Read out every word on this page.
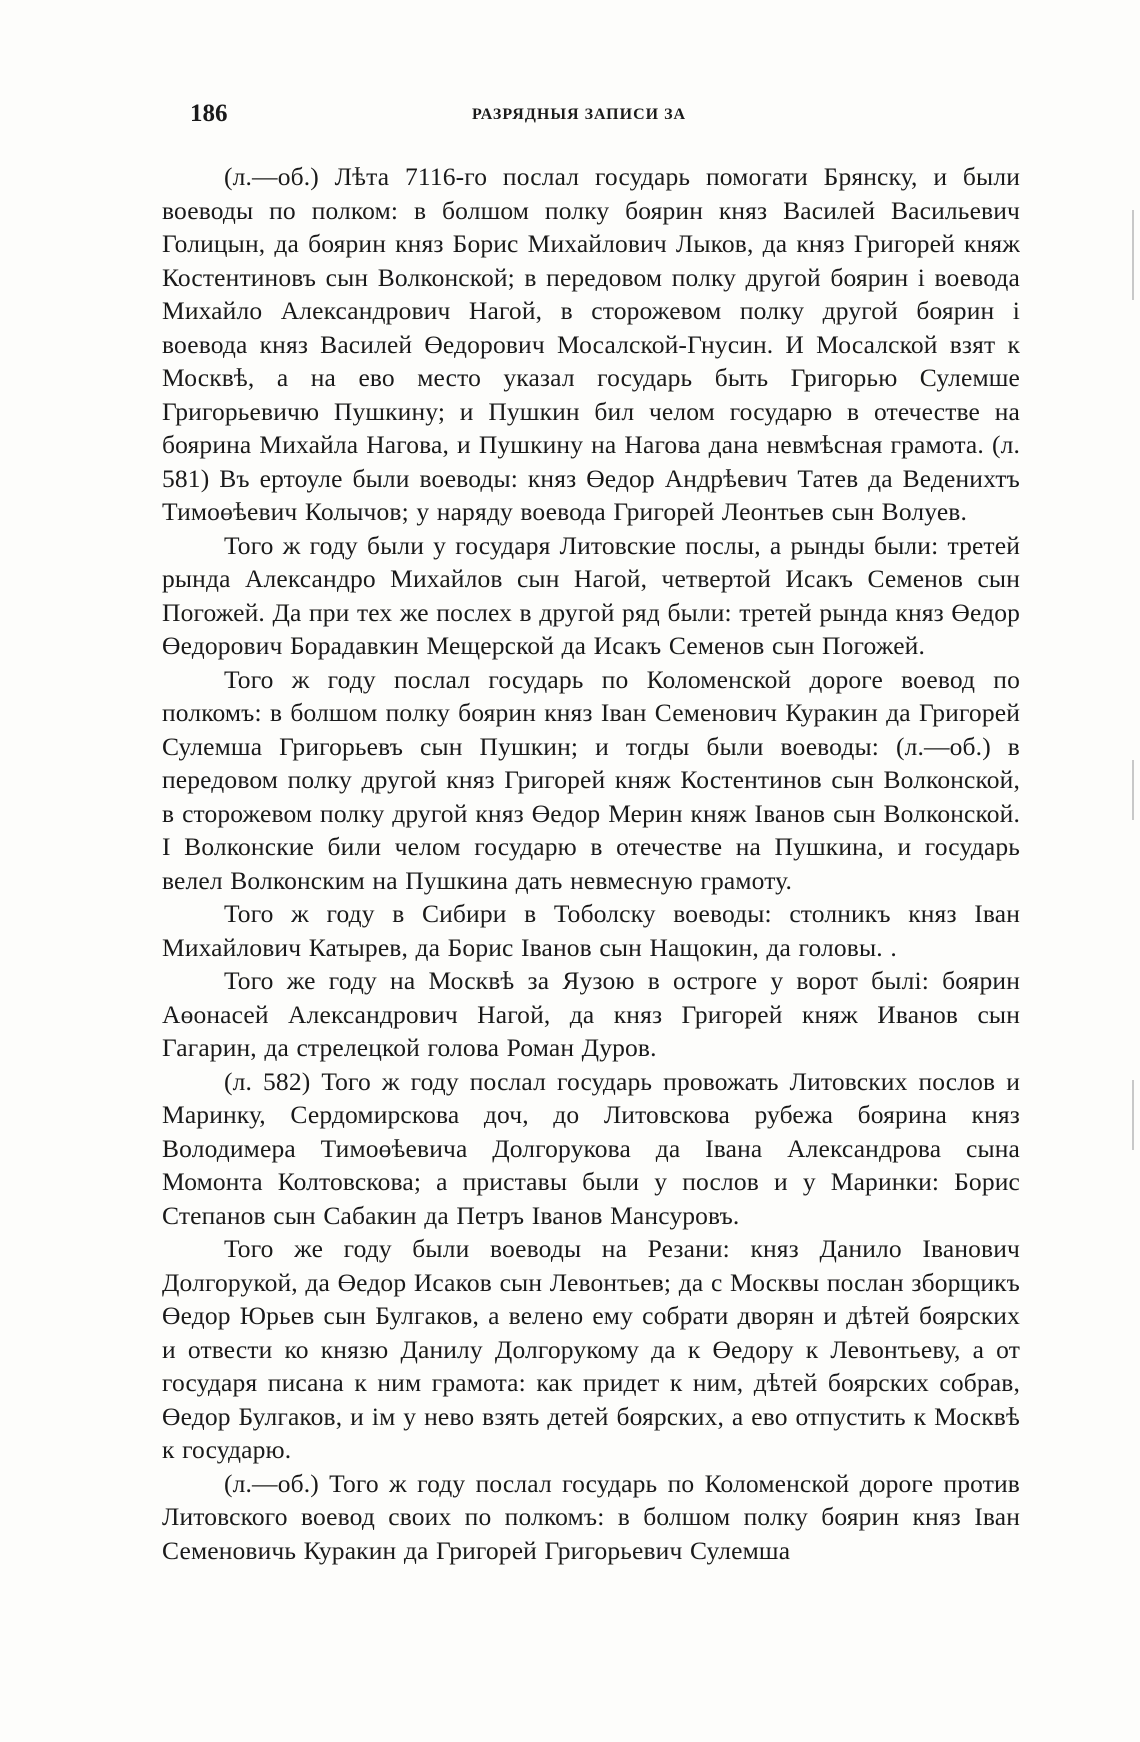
186	РАЗРЯДНЫЯ ЗАПИСИ ЗА

(л.—об.) Лѣта 7116-го послал государь помогати Брянску, и были воеводы по полком: в болшом полку боярин княз Василей Васильевич Голицын, да боярин княз Борис Михайлович Лыков, да княз Григорей княж Костентиновъ сын Волконской; в передовом полку другой боярин і воевода Михайло Александрович Нагой, в сторожевом полку другой боярин і воевода княз Василей Өедорович Мосалской-Гнусин. И Мосалской взят к Москвѣ, а на ево место указал государь быть Григорью Сулемше Григорьевичю Пушкину; и Пушкин бил челом государю в отечестве на боярина Михайла Нагова, и Пушкину на Нагова дана невмѣсная грамота. (л. 581) Въ ертоуле были воеводы: княз Өедор Андрѣевич Татев да Веденихтъ Тимоөѣевич Колычов; у наряду воевода Григорей Леонтьев сын Волуев.

Того ж году были у государя Литовские послы, а рынды были: третей рында Александро Михайлов сын Нагой, четвертой Исакъ Семенов сын Погожей. Да при тех же послех в другой ряд были: третей рында княз Өедор Өедорович Борадавкин Мещерской да Исакъ Семенов сын Погожей.

Того ж году послал государь по Коломенской дороге воевод по полкомъ: в болшом полку боярин княз Іван Семенович Куракин да Григорей Сулемша Григорьевъ сын Пушкин; и тогды были воеводы: (л.—об.) в передовом полку другой княз Григорей княж Костентинов сын Волконской, в сторожевом полку другой княз Өедор Мерин княж Іванов сын Волконской. І Волконские били челом государю в отечестве на Пушкина, и государь велел Волконским на Пушкина дать невмесную грамоту.

Того ж году в Сибири в Тоболску воеводы: столникъ княз Іван Михайлович Катырев, да Борис Іванов сын Нащокин, да головы. .

Того же году на Москвѣ за Яузою в остроге у ворот былі: боярин Аөонасей Александрович Нагой, да княз Григорей княж Иванов сын Гагарин, да стрелецкой голова Роман Дуров.

(л. 582) Того ж году послал государь провожать Литовских послов и Маринку, Сердомирскова доч, до Литовскова рубежа боярина княз Володимера Тимоөѣевича Долгорукова да Івана Александрова сына Момонта Колтовскова; а приставы были у послов и у Маринки: Борис Степанов сын Сабакин да Петръ Іванов Мансуровъ.

Того же году были воеводы на Резани: княз Данило Іванович Долгорукой, да Өедор Исаков сын Левонтьев; да с Москвы послан зборщикъ Өедор Юрьев сын Булгаков, а велено ему собрати дворян и дѣтей боярских и отвести ко князю Данилу Долгорукому да к Өедору к Левонтьеву, а от государя писана к ним грамота: как придет к ним, дѣтей боярских собрав, Өедор Булгаков, и ім у нево взять детей боярских, а ево отпустить к Москвѣ к государю.

(л.—об.) Того ж году послал государь по Коломенской дороге против Литовского воевод своих по полкомъ: в болшом полку боярин княз Іван Семеновичь Куракин да Григорей Григорьевич Сулемша
